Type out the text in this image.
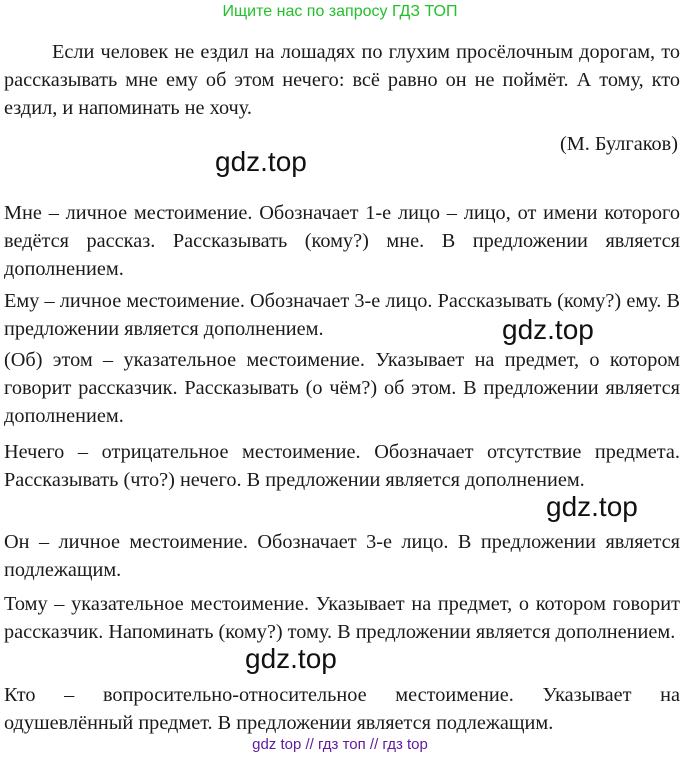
Ищите нас по запросу ГДЗ ТОП

Если человек не ездил на лошадях по глухим просёлочным дорогам, то рассказывать мне ему об этом нечего: всё равно он не поймёт. А тому, кто ездил, и напоминать не хочу.

(М. Булгаков)

gdz.top

Мне – личное местоимение. Обозначает 1-е лицо – лицо, от имени которого ведётся рассказ. Рассказывать (кому?) мне. В предложении является дополнением.

Ему – личное местоимение. Обозначает 3-е лицо. Рассказывать (кому?) ему. В предложении является дополнением.	gdz.top

(Об) этом – указательное местоимение. Указывает на предмет, о котором говорит рассказчик. Рассказывать (о чём?) об этом. В предложении является дополнением.

Нечего – отрицательное местоимение. Обозначает отсутствие предмета. Рассказывать (что?) нечего. В предложении является дополнением.

gdz.top

Он – личное местоимение. Обозначает 3-е лицо. В предложении является подлежащим.

Тому – указательное местоимение. Указывает на предмет, о котором говорит рассказчик. Напоминать (кому?) тому. В предложении является дополнением.

gdz.top

Кто – вопросительно-относительное местоимение. Указывает на одушевлённый предмет. В предложении является подлежащим.

gdz top // гдз топ // гдз top
